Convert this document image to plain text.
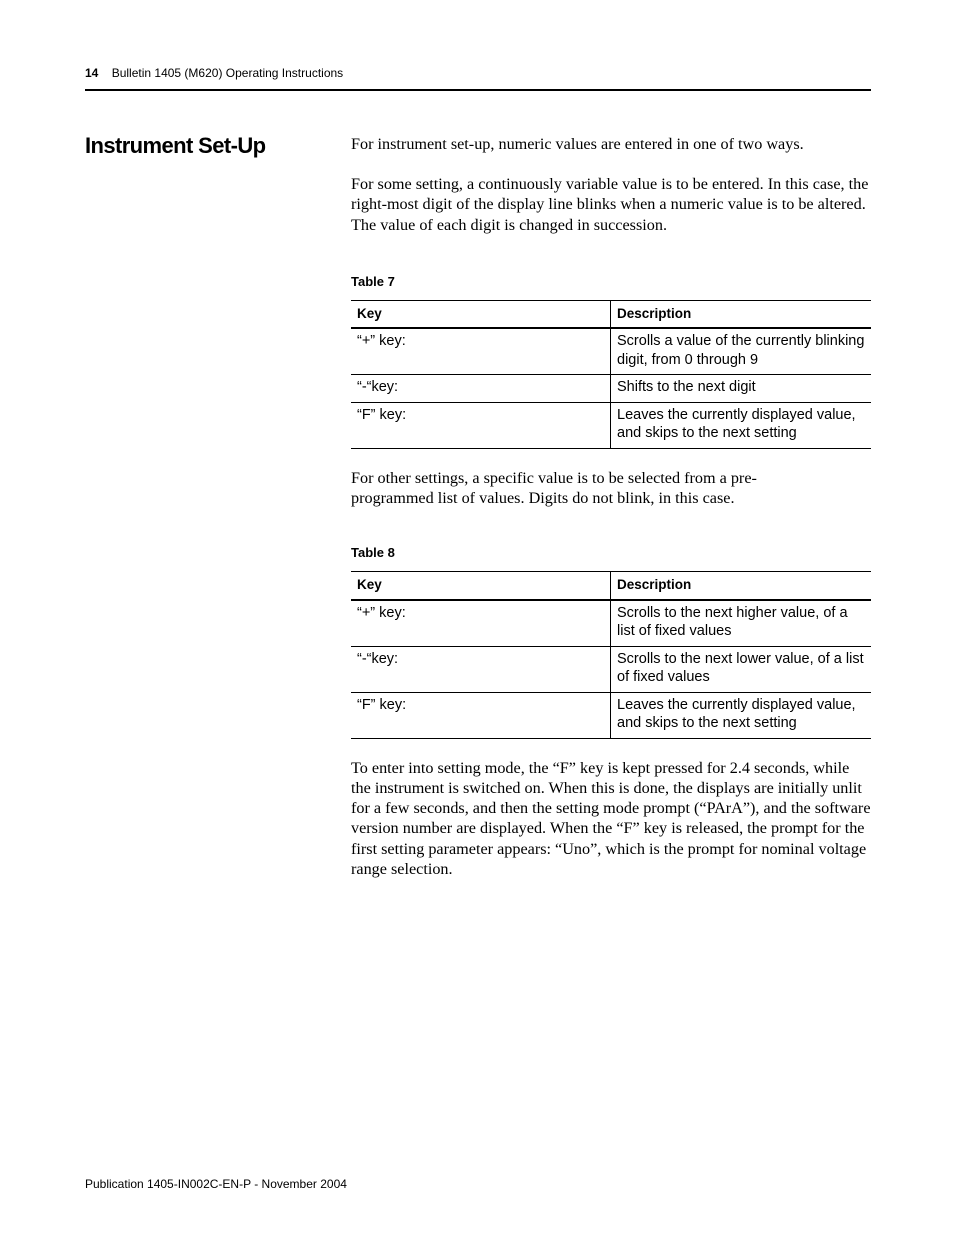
14 Bulletin 1405 (M620) Operating Instructions
Instrument Set-Up	For instrument set-up, numeric values are entered in one of two ways.

For some setting, a continuously variable value is to be entered. In this case, the right-most digit of the display line blinks when a numeric value is to be altered. The value of each digit is changed in succession.

Table 7
Key	Description
“+” key:	Scrolls a value of the currently blinking digit, from 0 through 9
“-“key:	Shifts to the next digit
“F” key:	Leaves the currently displayed value, and skips to the next setting

For other settings, a specific value is to be selected from a pre-programmed list of values. Digits do not blink, in this case.

Table 8
Key	Description
“+” key:	Scrolls to the next higher value, of a list of fixed values
“-“key:	Scrolls to the next lower value, of a list of fixed values
“F” key:	Leaves the currently displayed value, and skips to the next setting

To enter into setting mode, the “F” key is kept pressed for 2.4 seconds, while the instrument is switched on. When this is done, the displays are initially unlit for a few seconds, and then the setting mode prompt (“PArA”), and the software version number are displayed. When the “F” key is released, the prompt for the first setting parameter appears: “Uno”, which is the prompt for nominal voltage range selection.

Publication 1405-IN002C-EN-P - November 2004
